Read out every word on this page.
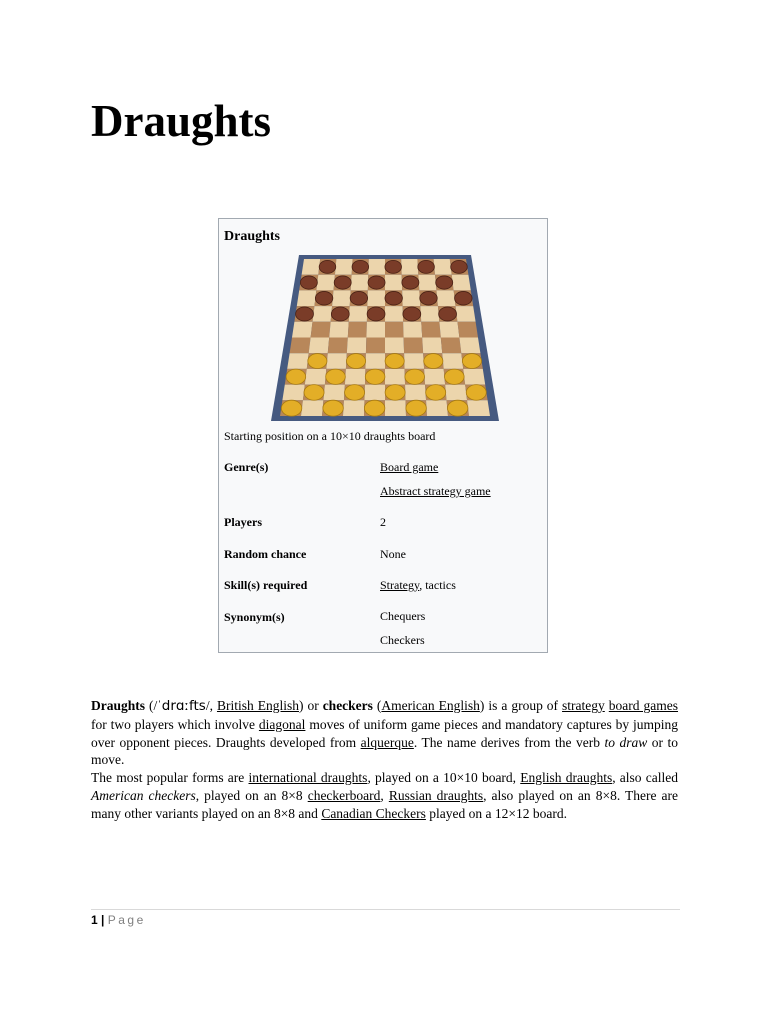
Draughts
Draughts
Starting position on a 10×10 draughts board
Genre(s)	Board game
Abstract strategy game
Players	2
Random chance	None
Skill(s) required	Strategy, tactics
Synonym(s)	Chequers
Checkers

Draughts (/ˈdrɑːfts/, British English) or checkers (American English) is a group of strategy board games for two players which involve diagonal moves of uniform game pieces and mandatory captures by jumping over opponent pieces. Draughts developed from alquerque. The name derives from the verb to draw or to move.

The most popular forms are international draughts, played on a 10×10 board, English draughts, also called American checkers, played on an 8×8 checkerboard, Russian draughts, also played on an 8×8. There are many other variants played on an 8×8 and Canadian Checkers played on a 12×12 board.

1 | Page
